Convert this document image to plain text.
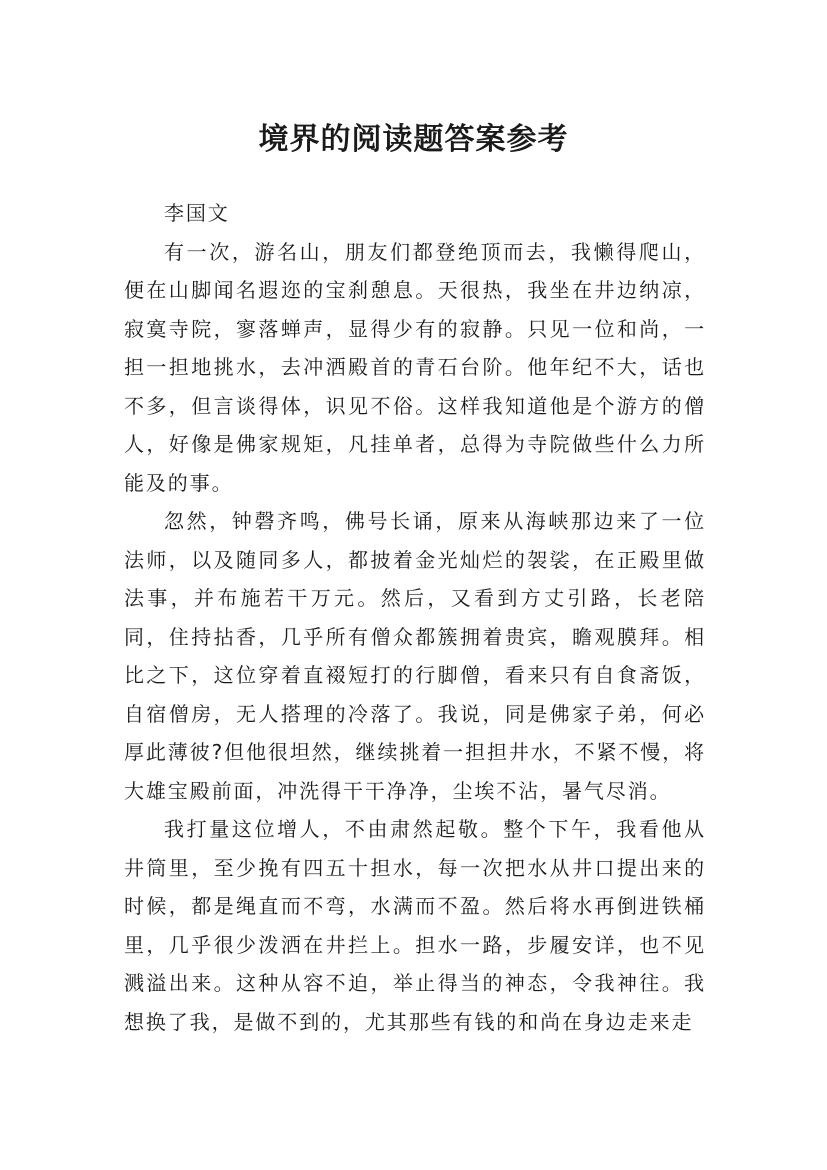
境界的阅读题答案参考

李国文

有一次，游名山，朋友们都登绝顶而去，我懒得爬山，便在山脚闻名遐迩的宝刹憩息。天很热，我坐在井边纳凉，寂寞寺院，寥落蝉声，显得少有的寂静。只见一位和尚，一担一担地挑水，去冲洒殿首的青石台阶。他年纪不大，话也不多，但言谈得体，识见不俗。这样我知道他是个游方的僧人，好像是佛家规矩，凡挂单者，总得为寺院做些什么力所能及的事。

忽然，钟磬齐鸣，佛号长诵，原来从海峡那边来了一位法师，以及随同多人，都披着金光灿烂的袈裟，在正殿里做法事，并布施若干万元。然后，又看到方丈引路，长老陪同，住持拈香，几乎所有僧众都簇拥着贵宾，瞻观膜拜。相比之下，这位穿着直裰短打的行脚僧，看来只有自食斋饭，自宿僧房，无人搭理的冷落了。我说，同是佛家子弟，何必厚此薄彼?但他很坦然，继续挑着一担担井水，不紧不慢，将大雄宝殿前面，冲洗得干干净净，尘埃不沾，暑气尽消。

我打量这位增人，不由肃然起敬。整个下午，我看他从井筒里，至少挽有四五十担水，每一次把水从井口提出来的时候，都是绳直而不弯，水满而不盈。然后将水再倒进铁桶里，几乎很少泼洒在井拦上。担水一路，步履安详，也不见溅溢出来。这种从容不迫，举止得当的神态，令我神往。我想换了我，是做不到的，尤其那些有钱的和尚在身边走来走
